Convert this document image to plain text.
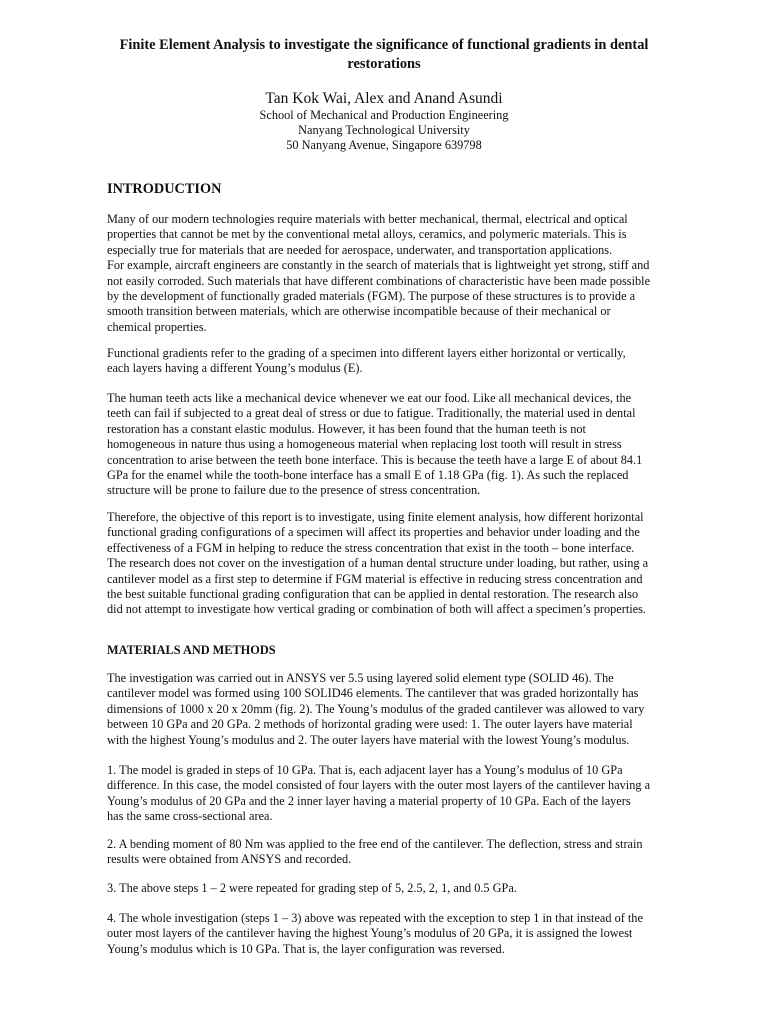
Finite Element Analysis to investigate the significance of functional gradients in dental
restorations

Tan Kok Wai, Alex and Anand Asundi

School of Mechanical and Production Engineering

Nanyang Technological University

50 Nanyang Avenue, Singapore 639798

INTRODUCTION

Many of our modern technologies require materials with better mechanical, thermal, electrical and optical
properties that cannot be met by the conventional metal alloys, ceramics, and polymeric materials. This is
especially true for materials that are needed for aerospace, underwater, and transportation applications.
For example, aircraft engineers are constantly in the search of materials that is lightweight yet strong, stiff and
not easily corroded. Such materials that have different combinations of characteristic have been made possible
by the development of functionally graded materials (FGM). The purpose of these structures is to provide a
smooth transition between materials, which are otherwise incompatible because of their mechanical or
chemical properties.

Functional gradients refer to the grading of a specimen into different layers either horizontal or vertically,
each layers having a different Young’s modulus (E).

The human teeth acts like a mechanical device whenever we eat our food. Like all mechanical devices, the
teeth can fail if subjected to a great deal of stress or due to fatigue. Traditionally, the material used in dental
restoration has a constant elastic modulus. However, it has been found that the human teeth is not
homogeneous in nature thus using a homogeneous material when replacing lost tooth will result in stress
concentration to arise between the teeth bone interface. This is because the teeth have a large E of about 84.1
GPa for the enamel while the tooth-bone interface has a small E of 1.18 GPa (fig. 1). As such the replaced
structure will be prone to failure due to the presence of stress concentration.

Therefore, the objective of this report is to investigate, using finite element analysis, how different horizontal
functional grading configurations of a specimen will affect its properties and behavior under loading and the
effectiveness of a FGM in helping to reduce the stress concentration that exist in the tooth – bone interface.
The research does not cover on the investigation of a human dental structure under loading, but rather, using a
cantilever model as a first step to determine if FGM material is effective in reducing stress concentration and
the best suitable functional grading configuration that can be applied in dental restoration. The research also
did not attempt to investigate how vertical grading or combination of both will affect a specimen’s properties.

MATERIALS AND METHODS

The investigation was carried out in ANSYS ver 5.5 using layered solid element type (SOLID 46). The
cantilever model was formed using 100 SOLID46 elements. The cantilever that was graded horizontally has
dimensions of 1000 x 20 x 20mm (fig. 2). The Young’s modulus of the graded cantilever was allowed to vary
between 10 GPa and 20 GPa. 2 methods of horizontal grading were used: 1. The outer layers have material
with the highest Young’s modulus and 2. The outer layers have material with the lowest Young’s modulus.

1. The model is graded in steps of 10 GPa. That is, each adjacent layer has a Young’s modulus of 10 GPa
difference. In this case, the model consisted of four layers with the outer most layers of the cantilever having a
Young’s modulus of 20 GPa and the 2 inner layer having a material property of 10 GPa. Each of the layers
has the same cross-sectional area.

2. A bending moment of 80 Nm was applied to the free end of the cantilever. The deflection, stress and strain
results were obtained from ANSYS and recorded.

3. The above steps 1 – 2 were repeated for grading step of 5, 2.5, 2, 1, and 0.5 GPa.

4. The whole investigation (steps 1 – 3) above was repeated with the exception to step 1 in that instead of the
outer most layers of the cantilever having the highest Young’s modulus of 20 GPa, it is assigned the lowest
Young’s modulus which is 10 GPa. That is, the layer configuration was reversed.
